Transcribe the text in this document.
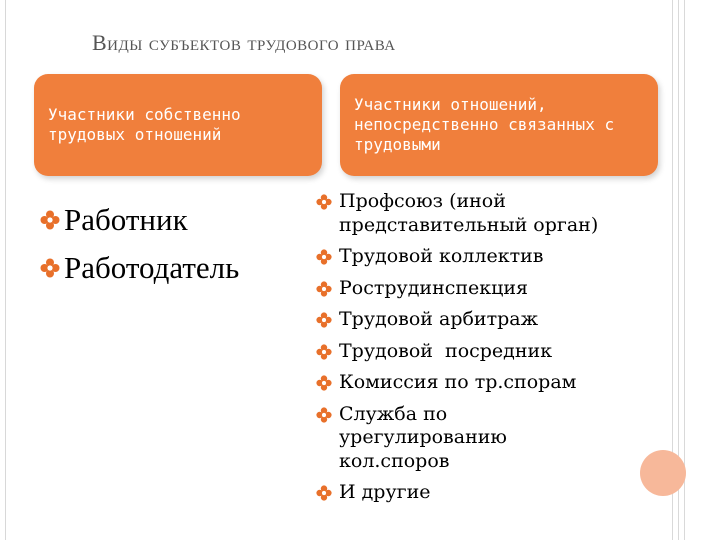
Виды субъектов трудового права
Участники собственно трудовых отношений
Участники отношений, непосредственно связанных с трудовыми
Работник
Работодатель
Профсоюз (иной представительный орган)
Трудовой коллектив
Рострудинспекция
Трудовой арбитраж
Трудовой  посредник
Комиссия по тр.спорам
Служба по урегулированию кол.споров
И другие
